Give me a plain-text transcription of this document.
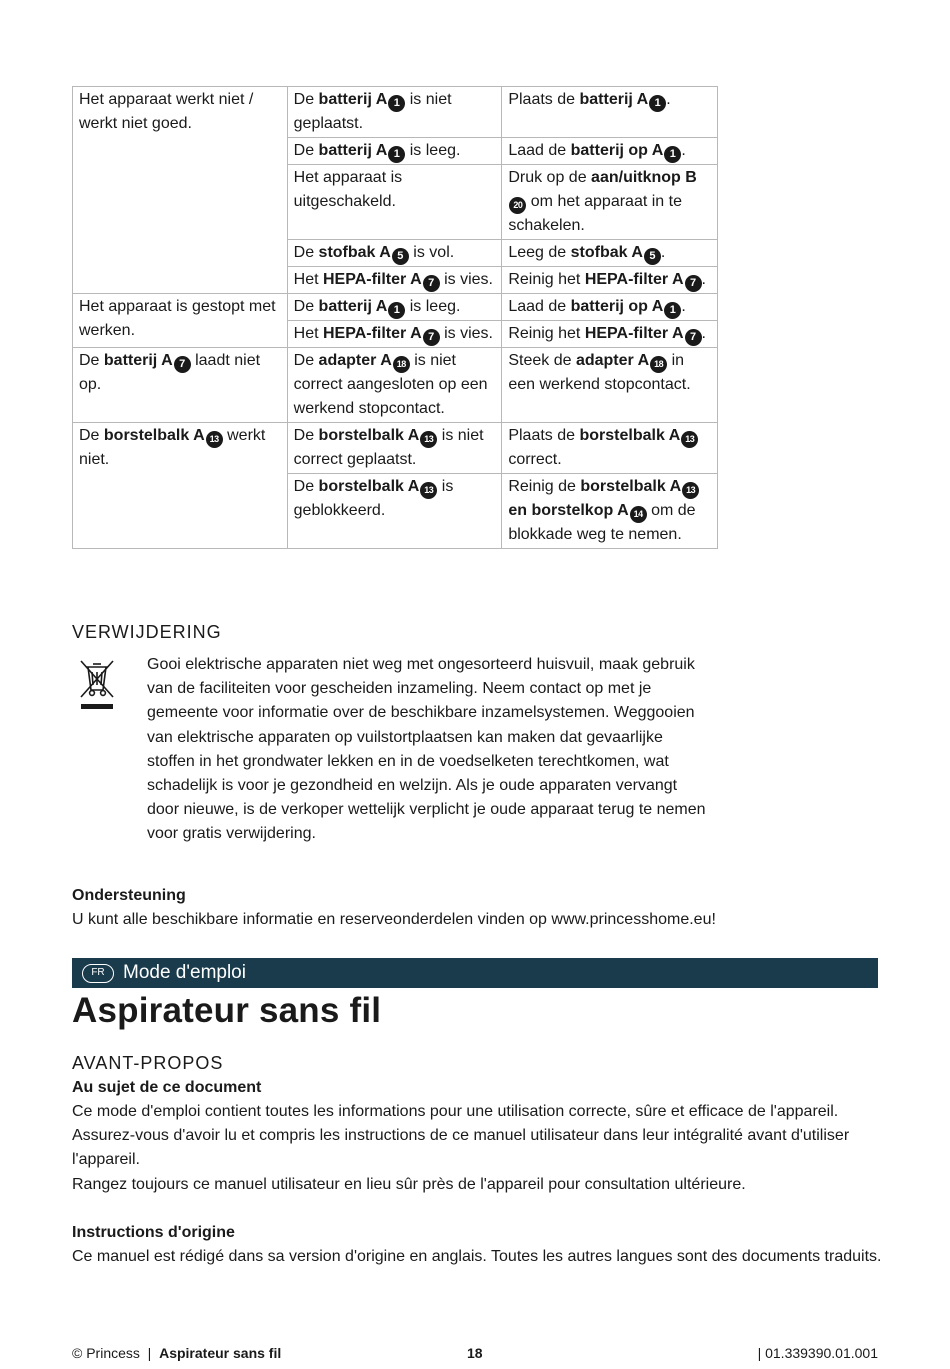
Het apparaat werkt niet / werkt niet goed.	De batterij A 1 is niet geplaatst.	Plaats de batterij A 1 .
	De batterij A 1 is leeg.	Laad de batterij op A 1 .
	Het apparaat is uitgeschakeld.	Druk op de aan/uitknop B20 om het apparaat in te schakelen.
	De stofbak A 5 is vol.	Leeg de stofbak A 5 .
	Het HEPA-filter A 7 is vies.	Reinig het HEPA-filter A 7 .
Het apparaat is gestopt met werken.	De batterij A 1 is leeg.	Laad de batterij op A 1 .
	Het HEPA-filter A 7 is vies.	Reinig het HEPA-filter A 7 .
De batterij A 7 laadt niet op.	De adapter A 18 is niet correct aangesloten op een werkend stopcontact.	Steek de adapter A 18 in een werkend stopcontact.
De borstelbalk A 13 werkt niet.	De borstelbalk A 13 is niet correct geplaatst.	Plaats de borstelbalk A 13 correct.
	De borstelbalk A 13 is geblokkeerd.	Reinig de borstelbalk A 13 en borstelkop A 14 om de blokkade weg te nemen.
VERWIJDERING
Gooi elektrische apparaten niet weg met ongesorteerd huisvuil, maak gebruik van de faciliteiten voor gescheiden inzameling. Neem contact op met je gemeente voor informatie over de beschikbare inzamelsystemen. Weggooien van elektrische apparaten op vuilstortplaatsen kan maken dat gevaarlijke stoffen in het grondwater lekken en in de voedselketen terechtkomen, wat schadelijk is voor je gezondheid en welzijn. Als je oude apparaten vervangt door nieuwe, is de verkoper wettelijk verplicht je oude apparaat terug te nemen voor gratis verwijdering.
Ondersteuning
U kunt alle beschikbare informatie en reserveonderdelen vinden op www.princesshome.eu!
FR Mode d'emploi
Aspirateur sans fil
AVANT-PROPOS
Au sujet de ce document
Ce mode d'emploi contient toutes les informations pour une utilisation correcte, sûre et efficace de l'appareil.
Assurez-vous d'avoir lu et compris les instructions de ce manuel utilisateur dans leur intégralité avant d'utiliser l'appareil.
Rangez toujours ce manuel utilisateur en lieu sûr près de l'appareil pour consultation ultérieure.
Instructions d'origine
Ce manuel est rédigé dans sa version d'origine en anglais. Toutes les autres langues sont des documents traduits.
© Princess | Aspirateur sans fil	18	| 01.339390.01.001
